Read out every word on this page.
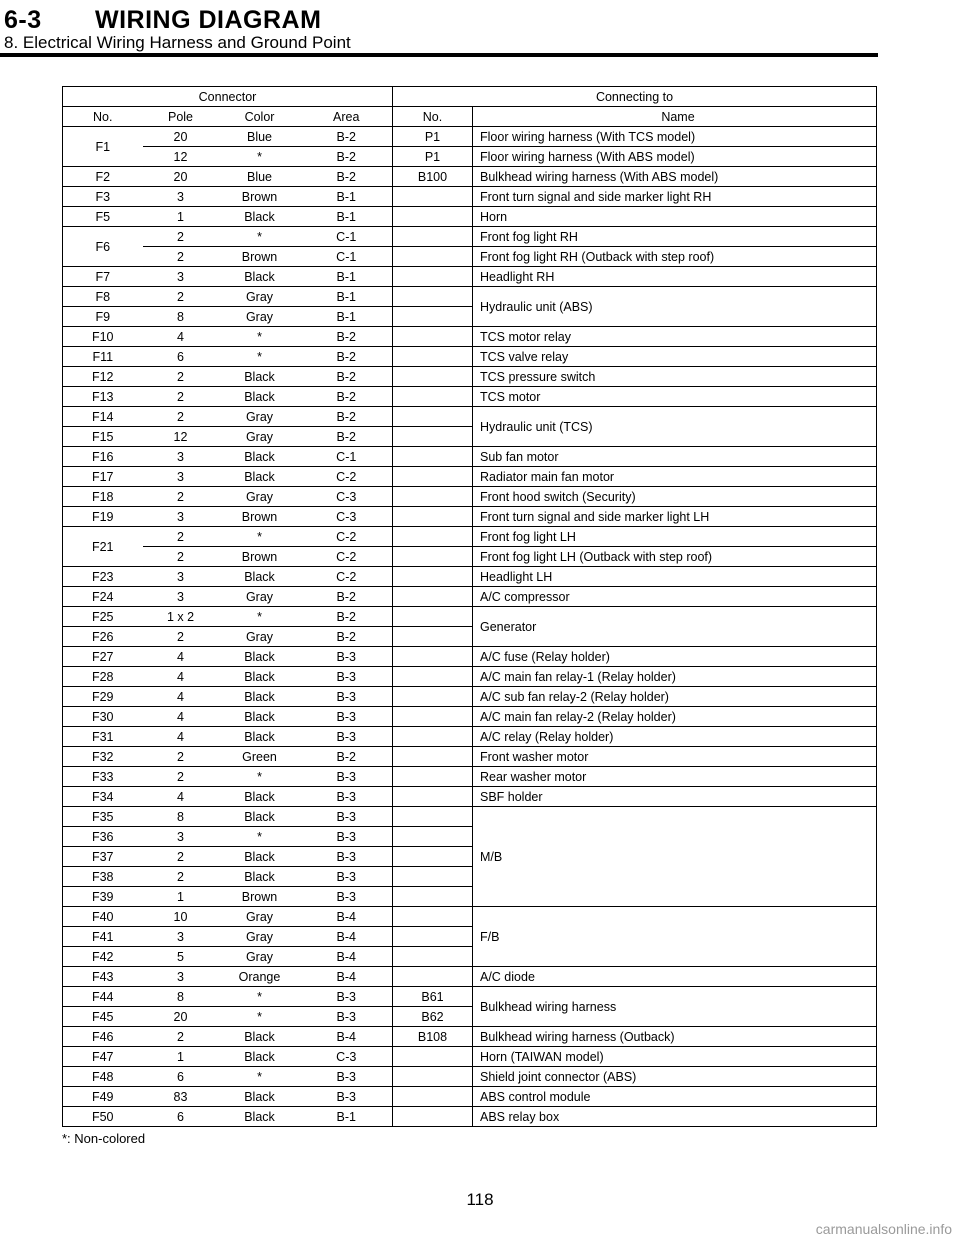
6-3 WIRING DIAGRAM
8. Electrical Wiring Harness and Ground Point
Connector				Connecting to	
No.	Pole	Color	Area	No.	Name
F1	20	Blue	B-2	P1	Floor wiring harness (With TCS model)
	12	*	B-2	P1	Floor wiring harness (With ABS model)
F2	20	Blue	B-2	B100	Bulkhead wiring harness (With ABS model)
F3	3	Brown	B-1		Front turn signal and side marker light RH
F5	1	Black	B-1		Horn
F6	2	*	C-1		Front fog light RH
	2	Brown	C-1		Front fog light RH (Outback with step roof)
F7	3	Black	B-1		Headlight RH
F8	2	Gray	B-1		Hydraulic unit (ABS)
F9	8	Gray	B-1		
F10	4	*	B-2		TCS motor relay
F11	6	*	B-2		TCS valve relay
F12	2	Black	B-2		TCS pressure switch
F13	2	Black	B-2		TCS motor
F14	2	Gray	B-2		Hydraulic unit (TCS)
F15	12	Gray	B-2		
F16	3	Black	C-1		Sub fan motor
F17	3	Black	C-2		Radiator main fan motor
F18	2	Gray	C-3		Front hood switch (Security)
F19	3	Brown	C-3		Front turn signal and side marker light LH
F21	2	*	C-2		Front fog light LH
	2	Brown	C-2		Front fog light LH (Outback with step roof)
F23	3	Black	C-2		Headlight LH
F24	3	Gray	B-2		A/C compressor
F25	1 x 2	*	B-2		Generator
F26	2	Gray	B-2		
F27	4	Black	B-3		A/C fuse (Relay holder)
F28	4	Black	B-3		A/C main fan relay-1 (Relay holder)
F29	4	Black	B-3		A/C sub fan relay-2 (Relay holder)
F30	4	Black	B-3		A/C main fan relay-2 (Relay holder)
F31	4	Black	B-3		A/C relay (Relay holder)
F32	2	Green	B-2		Front washer motor
F33	2	*	B-3		Rear washer motor
F34	4	Black	B-3		SBF holder
F35	8	Black	B-3		M/B
F36	3	*	B-3		
F37	2	Black	B-3		
F38	2	Black	B-3		
F39	1	Brown	B-3		
F40	10	Gray	B-4		F/B
F41	3	Gray	B-4		
F42	5	Gray	B-4		
F43	3	Orange	B-4		A/C diode
F44	8	*	B-3	B61	Bulkhead wiring harness
F45	20	*	B-3	B62	
F46	2	Black	B-4	B108	Bulkhead wiring harness (Outback)
F47	1	Black	C-3		Horn (TAIWAN model)
F48	6	*	B-3		Shield joint connector (ABS)
F49	83	Black	B-3		ABS control module
F50	6	Black	B-1		ABS relay box
*: Non-colored
118
carmanualsonline.info
